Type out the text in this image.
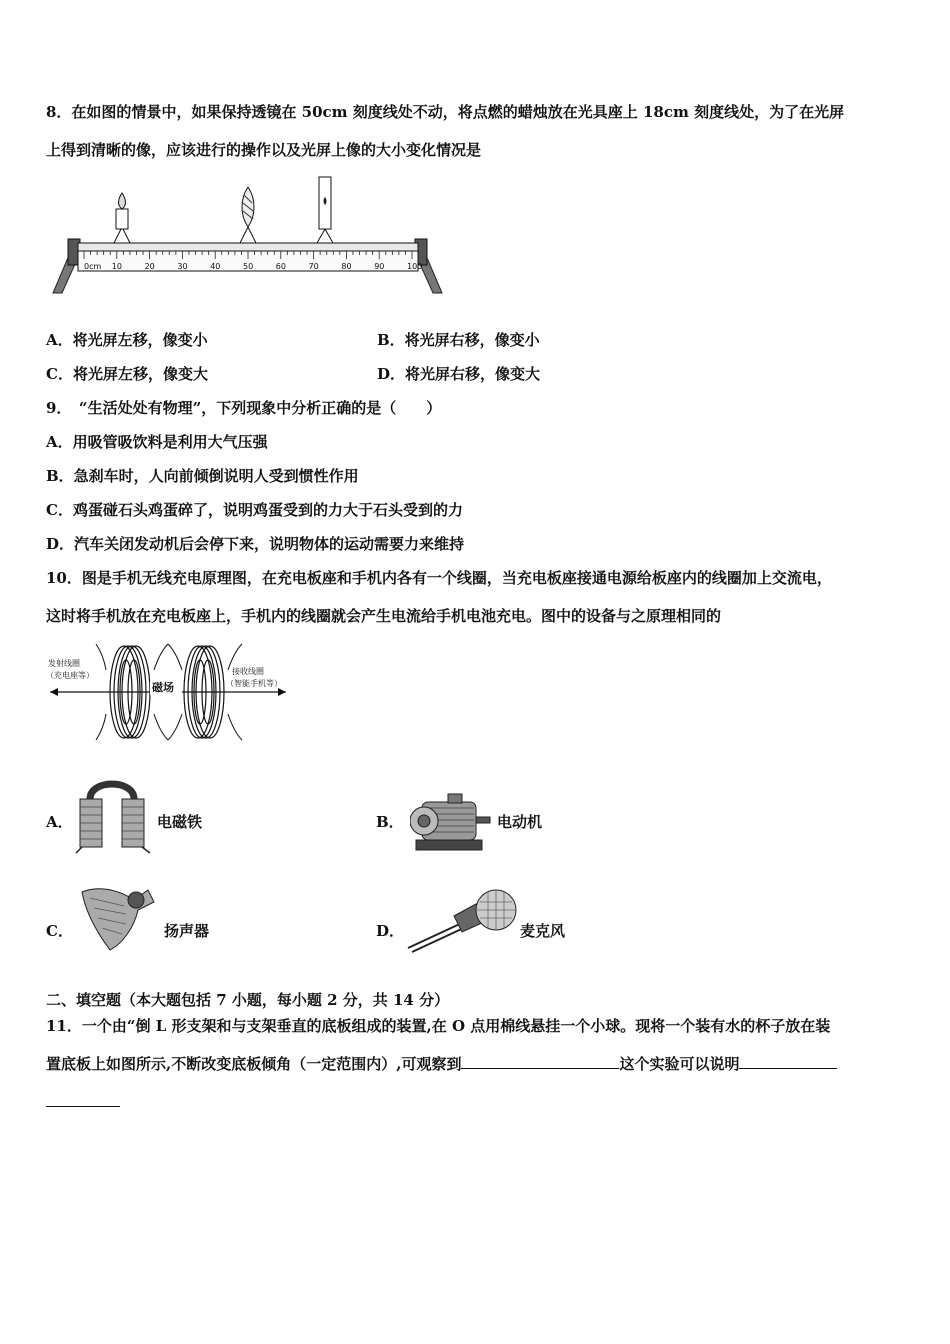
8．在如图的情景中，如果保持透镜在 50cm 刻度线处不动，将点燃的蜡烛放在光具座上 18cm 刻度线处，为了在光屏
上得到清晰的像，应该进行的操作以及光屏上像的大小变化情况是
0cm 10	20	30	40	50	60	70	80	90	100
A．将光屏左移，像变小	B．将光屏右移，像变小
C．将光屏左移，像变大	D．将光屏右移，像变大
9．　“生活处处有物理”，下列现象中分析正确的是（　　）
A．用吸管吸饮料是利用大气压强
B．急刹车时，人向前倾倒说明人受到惯性作用
C．鸡蛋碰石头鸡蛋碎了，说明鸡蛋受到的力大于石头受到的力
D．汽车关闭发动机后会停下来，说明物体的运动需要力来维持
10．图是手机无线充电原理图，在充电板座和手机内各有一个线圈，当充电板座接通电源给板座内的线圈加上交流电，
这时将手机放在充电板座上，手机内的线圈就会产生电流给手机电池充电。图中的设备与之原理相同的
发射线圈
（充电座等）
磁场
接收线圈
（智能手机等）
A．	电磁铁	B．	电动机
C．	扬声器	D．	麦克风
二、填空题（本大题包括 7 小题，每小题 2 分，共 14 分）
11．一个由“倒 L 形支架和与支架垂直的底板组成的装置,在 O 点用棉线悬挂一个小球。现将一个装有水的杯子放在装
置底板上如图所示,不断改变底板倾角（一定范围内）,可观察到	这个实验可以说明
